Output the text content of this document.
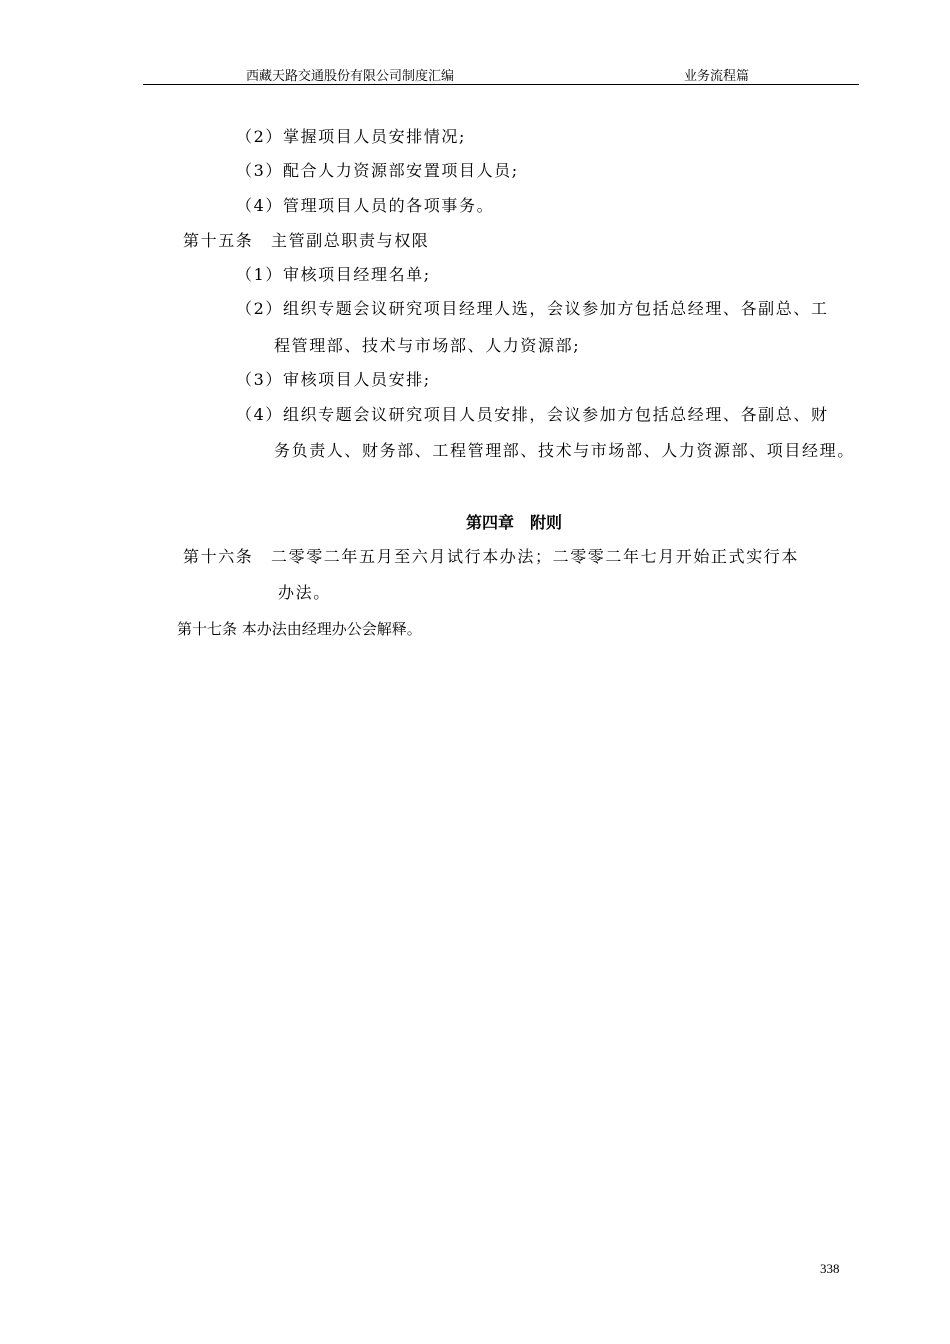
西藏天路交通股份有限公司制度汇编	业务流程篇
（2）掌握项目人员安排情况;
（3）配合人力资源部安置项目人员;
（4）管理项目人员的各项事务。
第十五条　主管副总职责与权限
（1）审核项目经理名单;
（2）组织专题会议研究项目经理人选，会议参加方包括总经理、各副总、工
程管理部、技术与市场部、人力资源部;
（3）审核项目人员安排;
（4）组织专题会议研究项目人员安排，会议参加方包括总经理、各副总、财
务负责人、财务部、工程管理部、技术与市场部、人力资源部、项目经理。
第四章　附则
第十六条　二零零二年五月至六月试行本办法；二零零二年七月开始正式实行本
办法。
第十七条 本办法由经理办公会解释。
338
